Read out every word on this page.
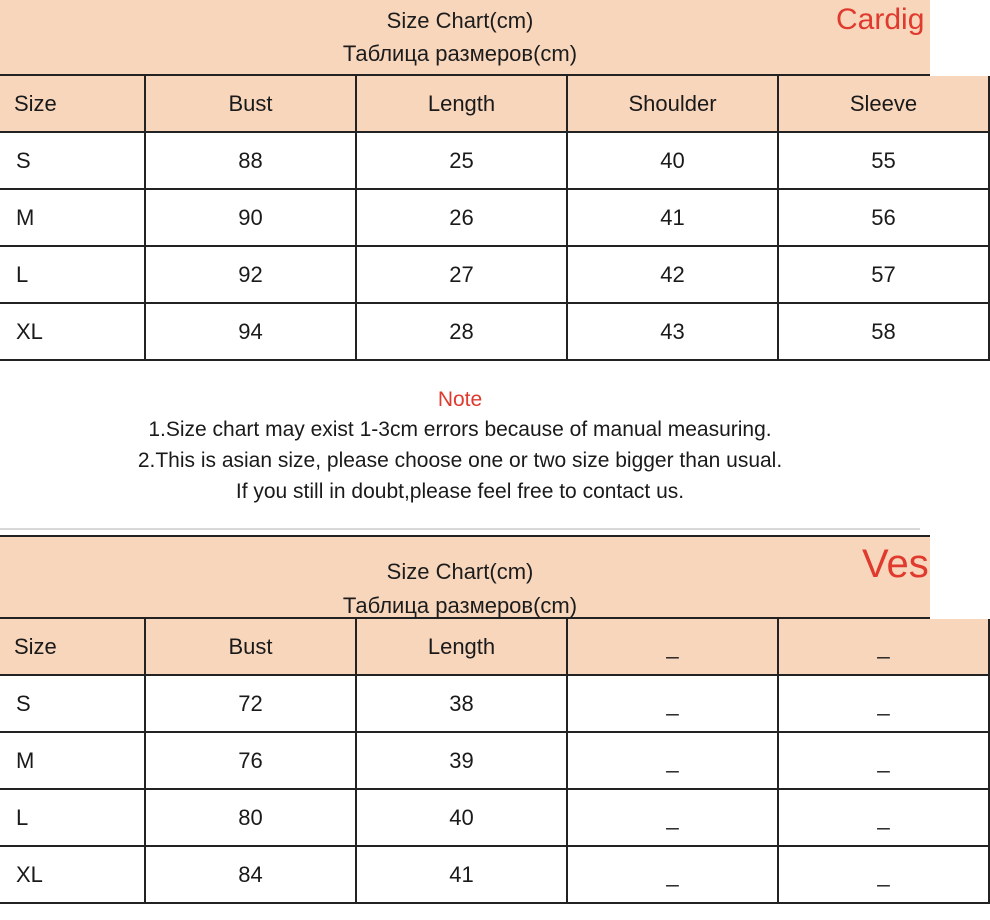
Size Chart(cm)
Таблица размеров(cm)
Cardig
Size	Bust	Length	Shoulder	Sleeve
S	88	25	40	55
M	90	26	41	56
L	92	27	42	57
XL	94	28	43	58
Note
1.Size chart may exist 1-3cm errors because of manual measuring.
2.This is asian size, please choose one or two size bigger than usual.
If you still in doubt,please feel free to contact us.
Size Chart(cm)
Таблица размеров(cm)
Ves
Size	Bust	Length	_	_
S	72	38	_	_
M	76	39	_	_
L	80	40	_	_
XL	84	41	_	_
